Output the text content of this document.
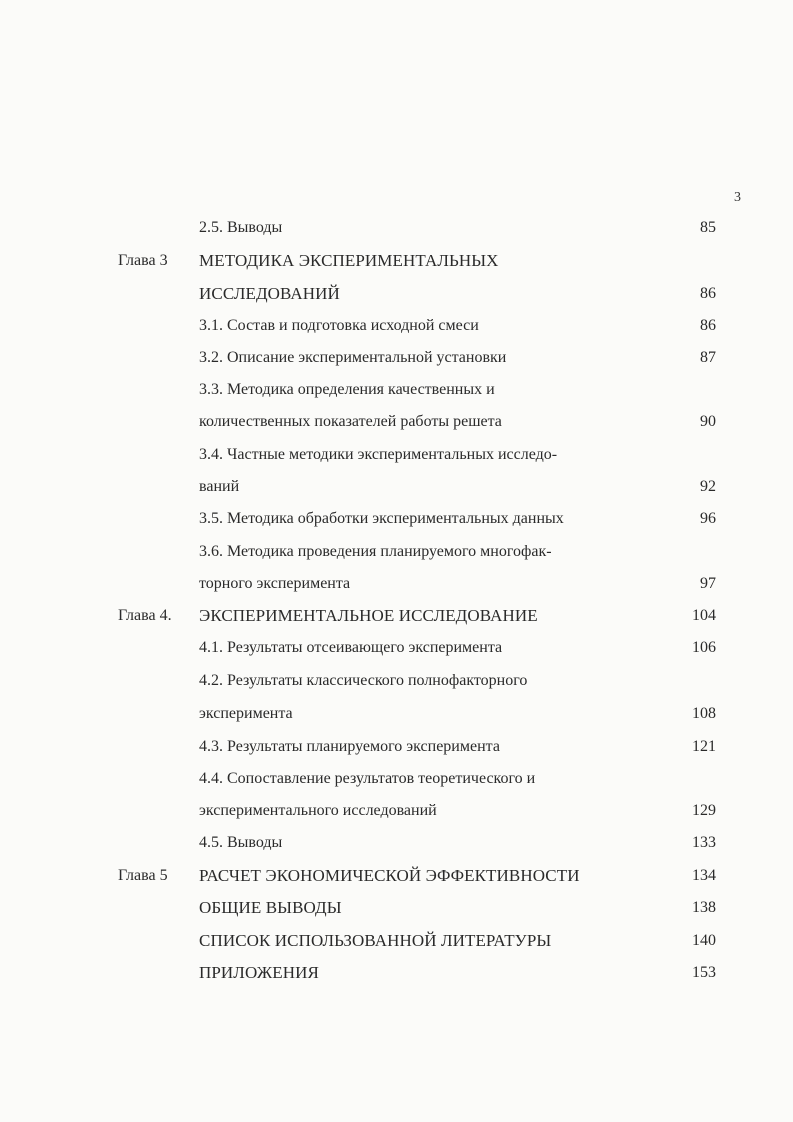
3
2.5. Выводы	85
Глава 3 МЕТОДИКА ЭКСПЕРИМЕНТАЛЬНЫХ
ИССЛЕДОВАНИЙ	86
3.1. Состав и подготовка исходной смеси	86
3.2. Описание экспериментальной установки	87
3.3. Методика определения качественных и
количественных показателей работы решета	90
3.4. Частные методики экспериментальных исследо-
ваний	92
3.5. Методика обработки экспериментальных данных	96
3.6. Методика проведения планируемого многофак-
торного эксперимента	97
Глава 4. ЭКСПЕРИМЕНТАЛЬНОЕ ИССЛЕДОВАНИЕ	104
4.1. Результаты отсеивающего эксперимента	106
4.2. Результаты классического полнофакторного
эксперимента	108
4.3. Результаты планируемого эксперимента	121
4.4. Сопоставление результатов теоретического и
экспериментального исследований	129
4.5. Выводы	133
Глава 5 РАСЧЕТ ЭКОНОМИЧЕСКОЙ ЭФФЕКТИВНОСТИ	134
ОБЩИЕ ВЫВОДЫ	138
СПИСОК ИСПОЛЬЗОВАННОЙ ЛИТЕРАТУРЫ	140
ПРИЛОЖЕНИЯ	153
